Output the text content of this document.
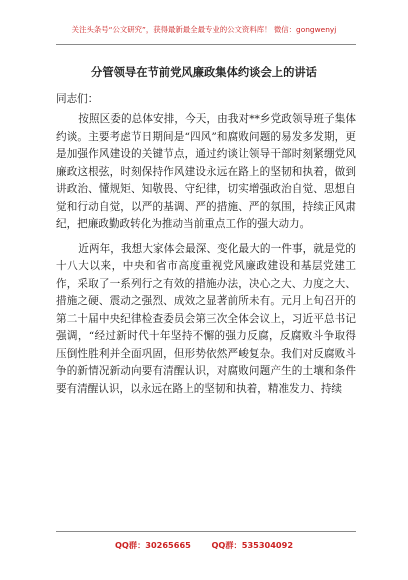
关注头条号“公文研究”，获得最新最全最专业的公文资料库！ 微信：gongwenyj
分管领导在节前党风廉政集体约谈会上的讲话
同志们：

按照区委的总体安排，今天，由我对**乡党政领导班子集体约谈。主要考虑节日期间是“四风”和腐败问题的易发多发期，更是加强作风建设的关键节点，通过约谈让领导干部时刻紧绷党风廉政这根弦，时刻保持作风建设永远在路上的坚韧和执着，做到讲政治、懂规矩、知敬畏、守纪律，切实增强政治自觉、思想自觉和行动自觉，以严的基调、严的措施、严的氛围，持续正风肃纪，把廉政勤政转化为推动当前重点工作的强大动力。

近两年，我想大家体会最深、变化最大的一件事，就是党的十八大以来，中央和省市高度重视党风廉政建设和基层党建工作，采取了一系列行之有效的措施办法，决心之大、力度之大、措施之硬、震动之强烈、成效之显著前所未有。元月上旬召开的　第二十届中央纪律检查委员会第三次全体会议上，习近平总书记强调，“经过新时代十年坚持不懈的强力反腐，反腐败斗争取得压倒性胜利并全面巩固，但形势依然严峻复杂。我们对反腐败斗争的新情况新动向要有清醒认识，对腐败问题产生的土壤和条件要有清醒认识，以永远在路上的坚韧和执着，精准发力、持续

QQ群：30265665	QQ群：535304092
